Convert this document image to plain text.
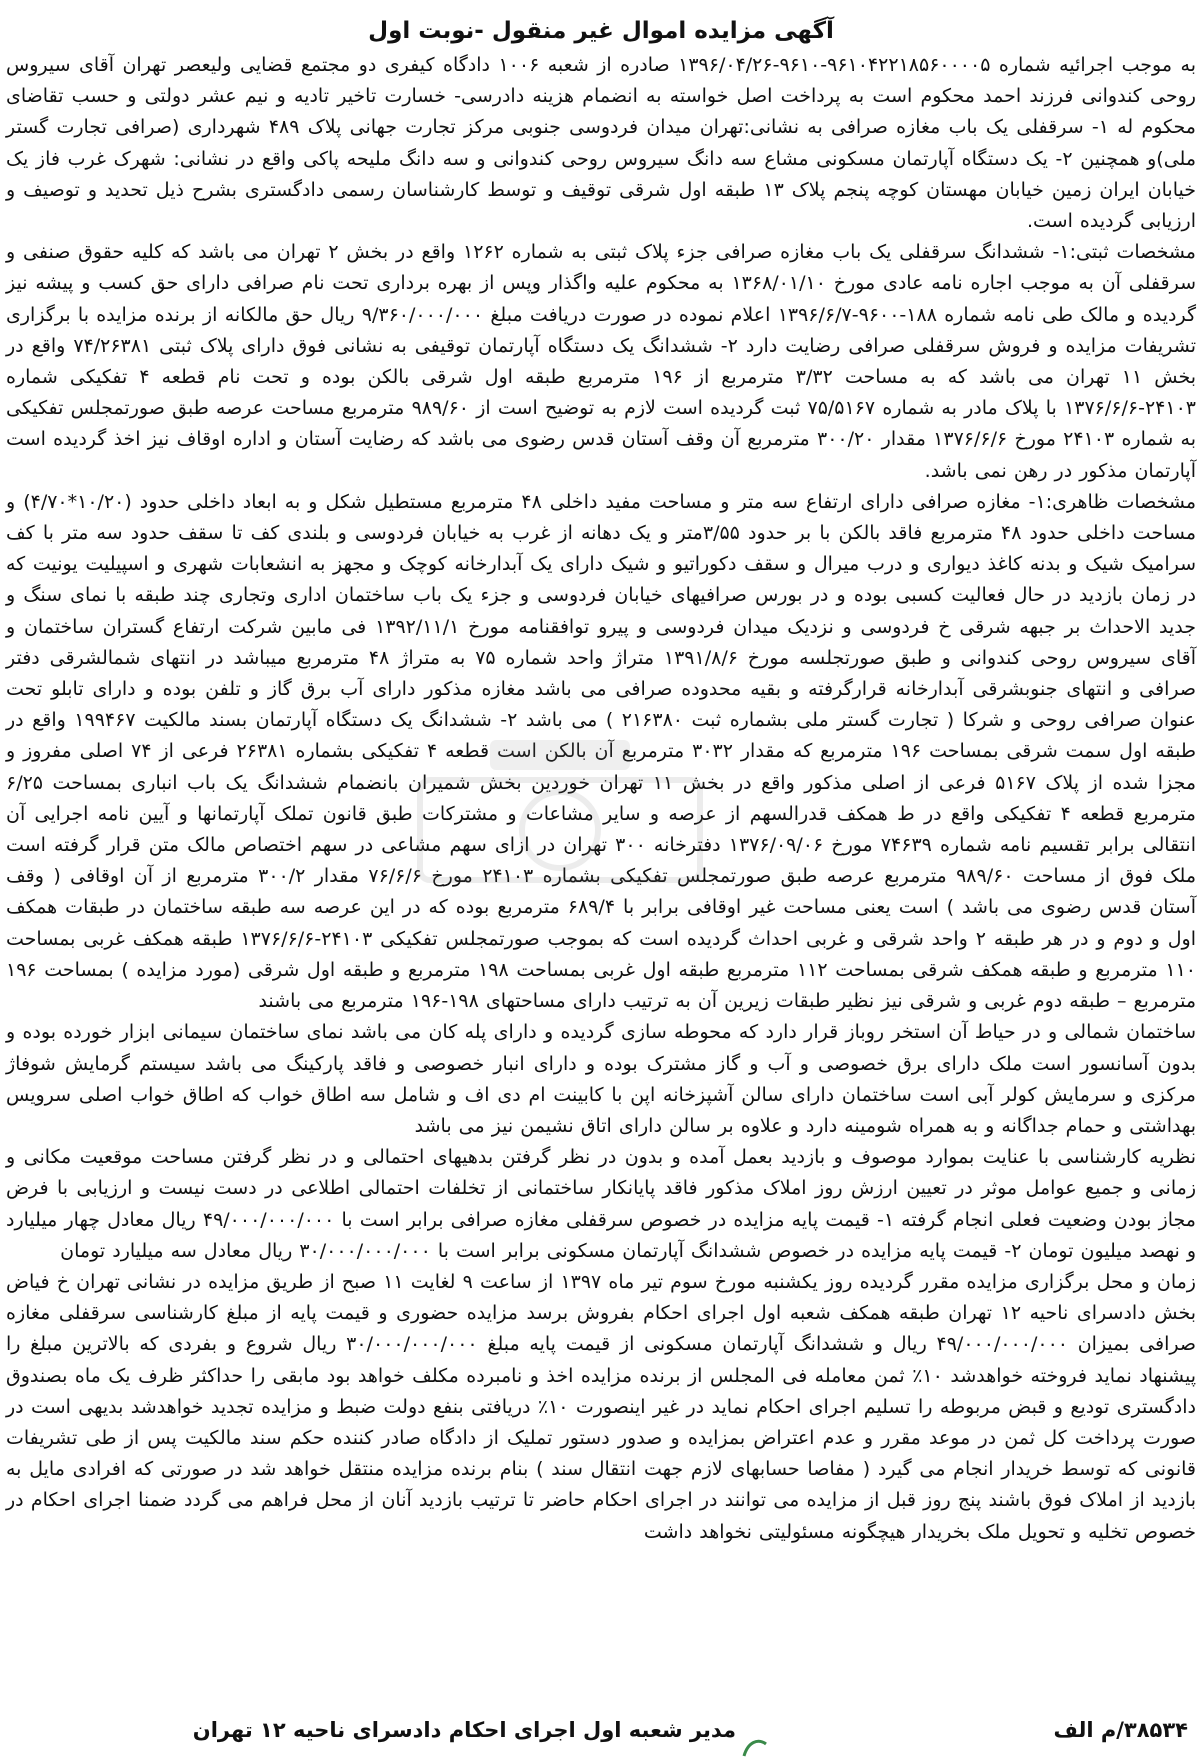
آگهی مزایده اموال غیر منقول -نوبت اول

به موجب اجرائیه شماره ۹۶۱۰۴۲۲۱۸۵۶۰۰۰۰۵-۹۶۱۰-۱۳۹۶/۰۴/۲۶ صادره از شعبه ۱۰۰۶ دادگاه کیفری دو مجتمع قضایی ولیعصر تهران آقای سیروس روحی کندوانی فرزند احمد محکوم است به پرداخت اصل خواسته به انضمام هزینه دادرسی- خسارت تاخیر تادیه و نیم عشر دولتی و حسب تقاضای محکوم له ۱- سرقفلی یک باب مغازه صرافی به نشانی:تهران میدان فردوسی جنوبی مرکز تجارت جهانی پلاک ۴۸۹ شهرداری (صرافی تجارت گستر ملی)و همچنین ۲- یک دستگاه آپارتمان مسکونی مشاع سه دانگ سیروس روحی کندوانی و سه دانگ ملیحه پاکی واقع در نشانی: شهرک غرب فاز یک خیابان ایران زمین خیابان مهستان کوچه پنجم پلاک ۱۳ طبقه اول شرقی توقیف و توسط کارشناسان رسمی دادگستری بشرح ذیل تحدید و توصیف و ارزیابی گردیده است.

مشخصات ثبتی:۱- ششدانگ سرقفلی یک باب مغازه صرافی جزء پلاک ثبتی به شماره ۱۲۶۲ واقع در بخش ۲ تهران می باشد که کلیه حقوق صنفی و سرقفلی آن به موجب اجاره نامه عادی مورخ ۱۳۶۸/۰۱/۱۰ به محکوم علیه واگذار وپس از بهره برداری تحت نام صرافی دارای حق کسب و پیشه نیز گردیده و مالک طی نامه شماره ۱۸۸-۹۶۰۰-۱۳۹۶/۶/۷ اعلام نموده در صورت دریافت مبلغ ۹/۳۶۰/۰۰۰/۰۰۰ ریال حق مالکانه از برنده مزایده با برگزاری تشریفات مزایده و فروش سرقفلی صرافی رضایت دارد ۲- ششدانگ یک دستگاه آپارتمان توقیفی به نشانی فوق دارای پلاک ثبتی ۷۴/۲۶۳۸۱ واقع در بخش ۱۱ تهران می باشد که به مساحت ۳/۳۲ مترمربع از ۱۹۶ مترمربع طبقه اول شرقی بالکن بوده و تحت نام قطعه ۴ تفکیکی شماره ۲۴۱۰۳-۱۳۷۶/۶/۶ با پلاک مادر به شماره ۷۵/۵۱۶۷ ثبت گردیده است لازم به توضیح است از ۹۸۹/۶۰ مترمربع مساحت عرصه طبق صورتمجلس تفکیکی به شماره ۲۴۱۰۳ مورخ ۱۳۷۶/۶/۶ مقدار ۳۰۰/۲۰ مترمربع آن وقف آستان قدس رضوی می باشد که رضایت آستان و اداره اوقاف نیز اخذ گردیده است آپارتمان مذکور در رهن نمی باشد.

مشخصات ظاهری:۱- مغازه صرافی دارای ارتفاع سه متر و مساحت مفید داخلی ۴۸ مترمربع مستطیل شکل و به ابعاد داخلی حدود (۱۰/۲۰*۴/۷۰) و مساحت داخلی حدود ۴۸ مترمربع فاقد بالکن با بر حدود ۳/۵۵متر و یک دهانه از غرب به خیابان فردوسی و بلندی کف تا سقف حدود سه متر با کف سرامیک شیک و بدنه کاغذ دیواری و درب میرال و سقف دکوراتیو و شیک دارای یک آبدارخانه کوچک و مجهز به انشعابات شهری و اسپیلیت یونیت که در زمان بازدید در حال فعالیت کسبی بوده و در بورس صرافیهای خیابان فردوسی و جزء یک باب ساختمان اداری وتجاری چند طبقه با نمای سنگ و جدید الاحداث بر جبهه شرقی خ فردوسی و نزدیک میدان فردوسی و پیرو توافقنامه مورخ ۱۳۹۲/۱۱/۱ فی مابین شرکت ارتفاع گستران ساختمان و آقای سیروس روحی کندوانی و طبق صورتجلسه مورخ ۱۳۹۱/۸/۶ متراژ واحد شماره ۷۵ به متراژ ۴۸ مترمربع میباشد در انتهای شمالشرقی دفتر صرافی و انتهای جنوبشرقی آبدارخانه قرارگرفته و بقیه محدوده صرافی می باشد مغازه مذکور دارای آب برق گاز و تلفن بوده و دارای تابلو تحت عنوان صرافی روحی و شرکا ( تجارت گستر ملی بشماره ثبت ۲۱۶۳۸۰ ) می باشد ۲- ششدانگ یک دستگاه آپارتمان بسند مالکیت ۱۹۹۴۶۷ واقع در طبقه اول سمت شرقی بمساحت ۱۹۶ مترمربع که مقدار ۳۰۳۲ مترمربع آن بالکن است قطعه ۴ تفکیکی بشماره ۲۶۳۸۱ فرعی از ۷۴ اصلی مفروز و مجزا شده از پلاک ۵۱۶۷ فرعی از اصلی مذکور واقع در بخش ۱۱ تهران خوردین بخش شمیران بانضمام ششدانگ یک باب انباری بمساحت ۶/۲۵ مترمربع قطعه ۴ تفکیکی واقع در ط همکف قدرالسهم از عرصه و سایر مشاعات و مشترکات طبق قانون تملک آپارتمانها و آیین نامه اجرایی آن انتقالی برابر تقسیم نامه شماره ۷۴۶۳۹ مورخ ۱۳۷۶/۰۹/۰۶ دفترخانه ۳۰۰ تهران در ازای سهم مشاعی در سهم اختصاص مالک متن قرار گرفته است ملک فوق از مساحت ۹۸۹/۶۰ مترمربع عرصه طبق صورتمجلس تفکیکی بشماره ۲۴۱۰۳ مورخ ۷۶/۶/۶ مقدار ۳۰۰/۲ مترمربع از آن اوقافی ( وقف آستان قدس رضوی می باشد ) است یعنی مساحت غیر اوقافی برابر با ۶۸۹/۴ مترمربع بوده که در این عرصه سه طبقه ساختمان در طبقات همکف اول و دوم و در هر طبقه ۲ واحد شرقی و غربی احداث گردیده است که بموجب صورتمجلس تفکیکی ۲۴۱۰۳-۱۳۷۶/۶/۶ طبقه همکف غربی بمساحت ۱۱۰ مترمربع و طبقه همکف شرقی بمساحت ۱۱۲ مترمربع طبقه اول غربی بمساحت ۱۹۸ مترمربع و طبقه اول شرقی (مورد مزایده ) بمساحت ۱۹۶ مترمربع – طبقه دوم غربی و شرقی نیز نظیر طبقات زیرین آن به ترتیب دارای مساحتهای ۱۹۸-۱۹۶ مترمربع می باشند

ساختمان شمالی و در حیاط آن استخر روباز قرار دارد که محوطه سازی گردیده و دارای پله کان می باشد نمای ساختمان سیمانی ابزار خورده بوده و بدون آسانسور است ملک دارای برق خصوصی و آب و گاز مشترک بوده و دارای انبار خصوصی و فاقد پارکینگ می باشد سیستم گرمایش شوفاژ مرکزی و سرمایش کولر آبی است ساختمان دارای سالن آشپزخانه اپن با کابینت ام دی اف و شامل سه اطاق خواب که اطاق خواب اصلی سرویس بهداشتی و حمام جداگانه و به همراه شومینه دارد و علاوه بر سالن دارای اتاق نشیمن نیز می باشد

نظریه کارشناسی با عنایت بموارد موصوف و بازدید بعمل آمده و بدون در نظر گرفتن بدهیهای احتمالی و در نظر گرفتن مساحت موقعیت مکانی و زمانی و جمیع عوامل موثر در تعیین ارزش روز املاک مذکور فاقد پایانکار ساختمانی از تخلفات احتمالی اطلاعی در دست نیست و ارزیابی با فرض مجاز بودن وضعیت فعلی انجام گرفته ۱- قیمت پایه مزایده در خصوص سرقفلی مغازه صرافی برابر است با ۴۹/۰۰۰/۰۰۰/۰۰۰ ریال معادل چهار میلیارد و نهصد میلیون تومان ۲- قیمت پایه مزایده در خصوص ششدانگ آپارتمان مسکونی برابر است با ۳۰/۰۰۰/۰۰۰/۰۰۰ ریال معادل سه میلیارد تومان

زمان و محل برگزاری مزایده مقرر گردیده روز یکشنبه مورخ سوم تیر ماه ۱۳۹۷ از ساعت ۹ لغایت ۱۱ صبح از طریق مزایده در نشانی تهران خ فیاض بخش دادسرای ناحیه ۱۲ تهران طبقه همکف شعبه اول اجرای احکام بفروش برسد مزایده حضوری و قیمت پایه از مبلغ کارشناسی سرقفلی مغازه صرافی بمیزان ۴۹/۰۰۰/۰۰۰/۰۰۰ ریال و ششدانگ آپارتمان مسکونی از قیمت پایه مبلغ ۳۰/۰۰۰/۰۰۰/۰۰۰ ریال شروع و بفردی که بالاترین مبلغ را پیشنهاد نماید فروخته خواهدشد ۱۰٪ ثمن معامله فی المجلس از برنده مزایده اخذ و نامبرده مکلف خواهد بود مابقی را حداکثر ظرف یک ماه بصندوق دادگستری تودیع و قبض مربوطه را تسلیم اجرای احکام نماید در غیر اینصورت ۱۰٪ دریافتی بنفع دولت ضبط و مزایده تجدید خواهدشد بدیهی است در صورت پرداخت کل ثمن در موعد مقرر و عدم اعتراض بمزایده و صدور دستور تملیک از دادگاه صادر کننده حکم سند مالکیت پس از طی تشریفات قانونی که توسط خریدار انجام می گیرد ( مفاصا حسابهای لازم جهت انتقال سند ) بنام برنده مزایده منتقل خواهد شد در صورتی که افرادی مایل به بازدید از املاک فوق باشند پنج روز قبل از مزایده می توانند در اجرای احکام حاضر تا ترتیب بازدید آنان از محل فراهم می گردد ضمنا اجرای احکام در خصوص تخلیه و تحویل ملک بخریدار هیچگونه مسئولیتی نخواهد داشت

مدیر شعبه اول اجرای احکام دادسرای ناحیه ۱۲ تهران	۳۸۵۳۴/م الف
